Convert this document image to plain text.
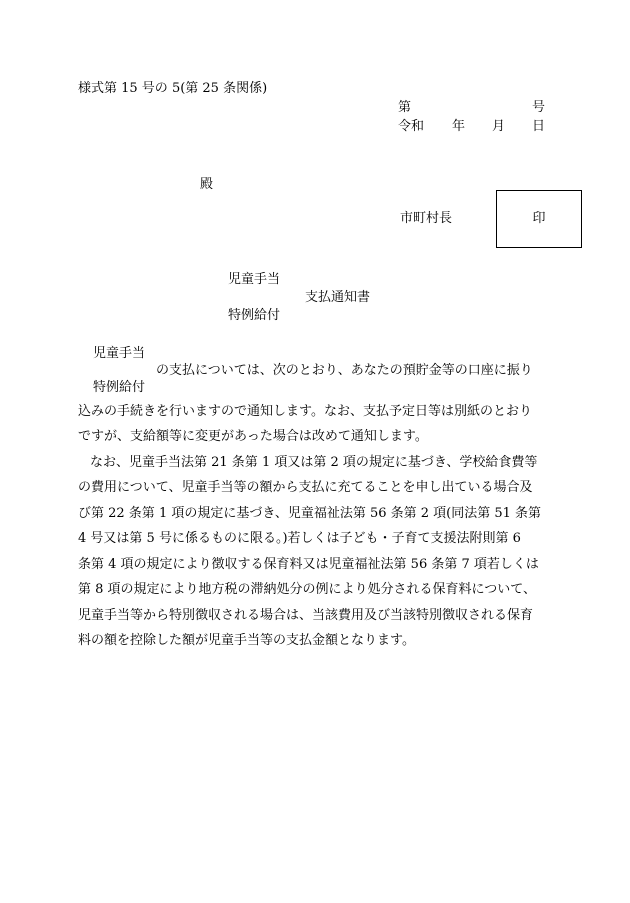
様式第 15 号の 5(第 25 条関係)
第	号
令和 年 月 日
殿
市町村長	印
児童手当
支払通知書
特例給付
児童手当
の支払については、次のとおり、あなたの預貯金等の口座に振り
特例給付
込みの手続きを行いますので通知します。なお、支払予定日等は別紙のとおり
ですが、支給額等に変更があった場合は改めて通知します。
なお、児童手当法第 21 条第 1 項又は第 2 項の規定に基づき、学校給食費等
の費用について、児童手当等の額から支払に充てることを申し出ている場合及
び第 22 条第 1 項の規定に基づき、児童福祉法第 56 条第 2 項(同法第 51 条第
4 号又は第 5 号に係るものに限る。)若しくは子ども・子育て支援法附則第 6
条第 4 項の規定により徴収する保育料又は児童福祉法第 56 条第 7 項若しくは
第 8 項の規定により地方税の滞納処分の例により処分される保育料について、
児童手当等から特別徴収される場合は、当該費用及び当該特別徴収される保育
料の額を控除した額が児童手当等の支払金額となります。
